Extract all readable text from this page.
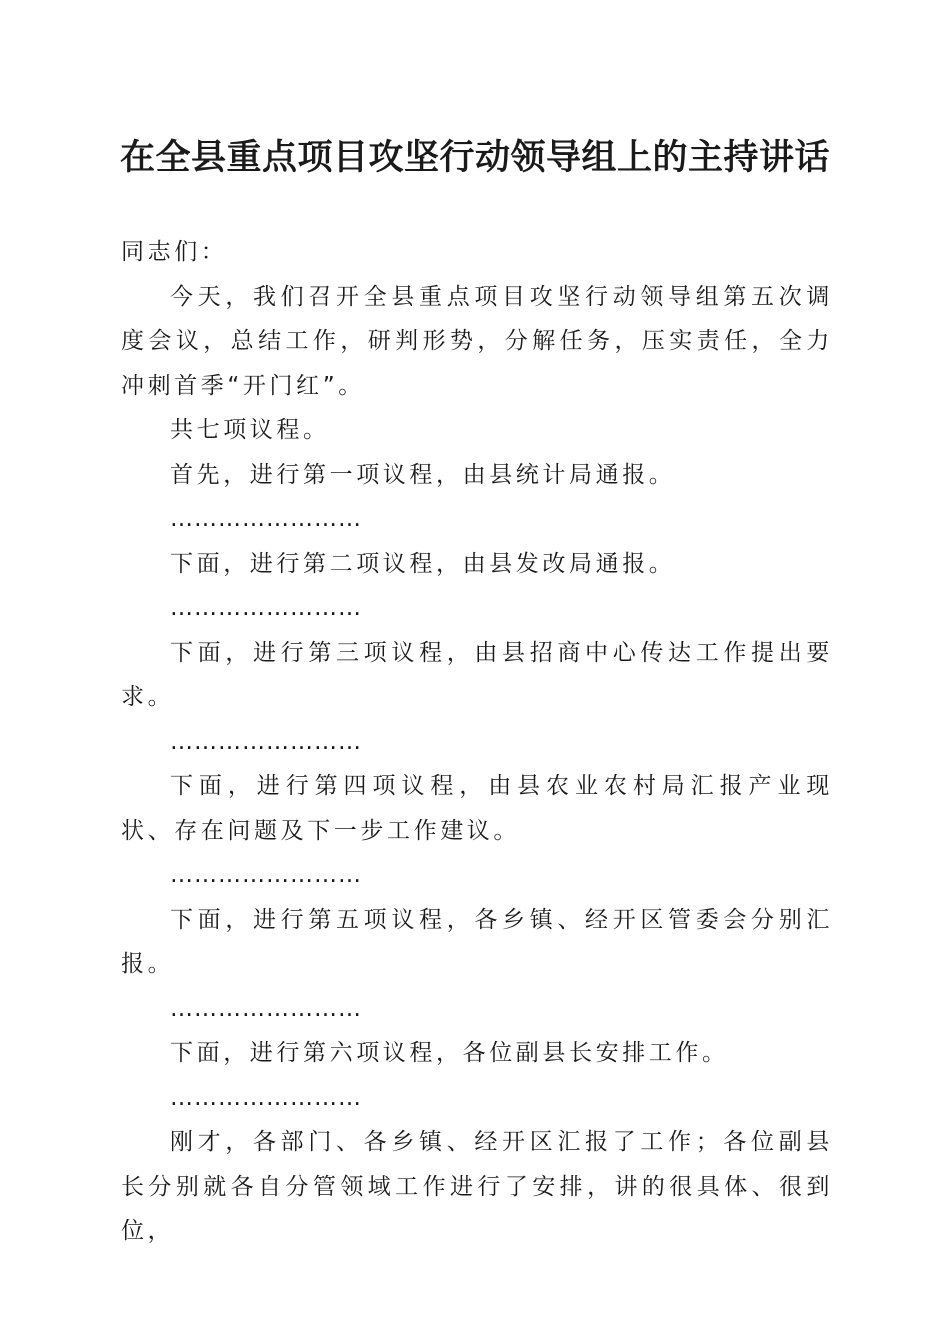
在全县重点项目攻坚行动领导组上的主持讲话

同志们：

今天，我们召开全县重点项目攻坚行动领导组第五次调度会议，总结工作，研判形势，分解任务，压实责任，全力冲刺首季“开门红”。

共七项议程。

首先，进行第一项议程，由县统计局通报。

……………………

下面，进行第二项议程，由县发改局通报。

……………………

下面，进行第三项议程，由县招商中心传达工作提出要求。

……………………

下面，进行第四项议程，由县农业农村局汇报产业现状、存在问题及下一步工作建议。

……………………

下面，进行第五项议程，各乡镇、经开区管委会分别汇报。

……………………

下面，进行第六项议程，各位副县长安排工作。

……………………

刚才，各部门、各乡镇、经开区汇报了工作；各位副县长分别就各自分管领域工作进行了安排，讲的很具体、很到位，
